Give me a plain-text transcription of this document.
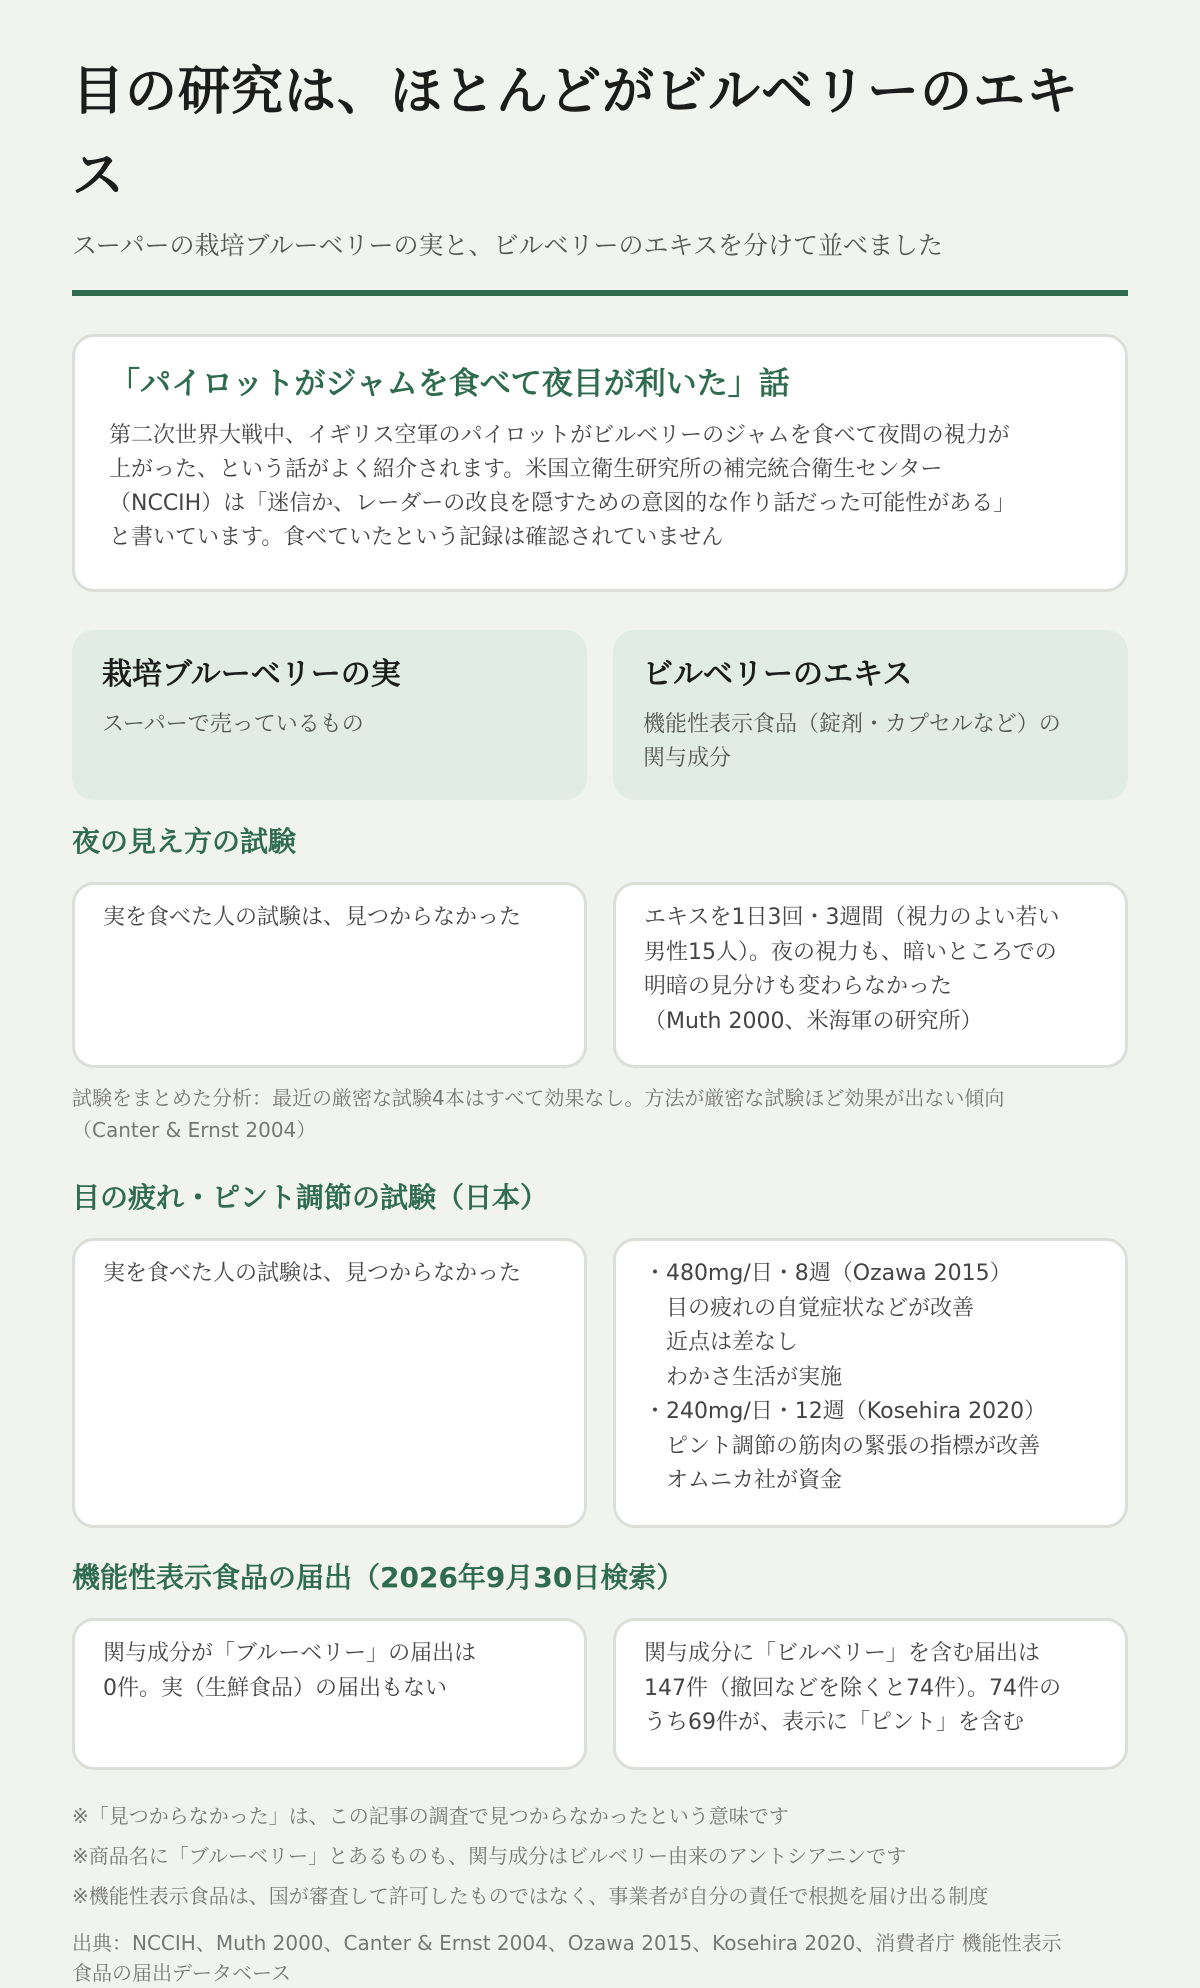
目の研究は、ほとんどがビルベリーのエキス
スーパーの栽培ブルーベリーの実と、ビルベリーのエキスを分けて並べました
「パイロットがジャムを食べて夜目が利いた」話
第二次世界大戦中、イギリス空軍のパイロットがビルベリーのジャムを食べて夜間の視力が
上がった、という話がよく紹介されます。米国立衛生研究所の補完統合衛生センター
（NCCIH）は「迷信か、レーダーの改良を隠すための意図的な作り話だった可能性がある」
と書いています。食べていたという記録は確認されていません
栽培ブルーベリーの実
スーパーで売っているもの
ビルベリーのエキス
機能性表示食品（錠剤・カプセルなど）の
関与成分
夜の見え方の試験
実を食べた人の試験は、見つからなかった	エキスを1日3回・3週間（視力のよい若い
男性15人）。夜の視力も、暗いところでの
明暗の見分けも変わらなかった
（Muth 2000、米海軍の研究所）
試験をまとめた分析：最近の厳密な試験4本はすべて効果なし。方法が厳密な試験ほど効果が出ない傾向
（Canter & Ernst 2004）
目の疲れ・ピント調節の試験（日本）
実を食べた人の試験は、見つからなかった	・ 480mg/日・8週（Ozawa 2015）
目の疲れの自覚症状などが改善
近点は差なし
わかさ生活が実施
・ 240mg/日・12週（Kosehira 2020）
ピント調節の筋肉の緊張の指標が改善
オムニカ社が資金
機能性表示食品の届出（2026年9月30日検索）
関与成分が「ブルーベリー」の届出は
0件。実（生鮮食品）の届出もない
関与成分に「ビルベリー」を含む届出は
147件（撤回などを除くと74件）。74件の
うち69件が、表示に「ピント」を含む
※「見つからなかった」は、この記事の調査で見つからなかったという意味です
※商品名に「ブルーベリー」とあるものも、関与成分はビルベリー由来のアントシアニンです
※機能性表示食品は、国が審査して許可したものではなく、事業者が自分の責任で根拠を届け出る制度
出典：NCCIH、Muth 2000、Canter & Ernst 2004、Ozawa 2015、Kosehira 2020、消費者庁 機能性表示
食品の届出データベース
